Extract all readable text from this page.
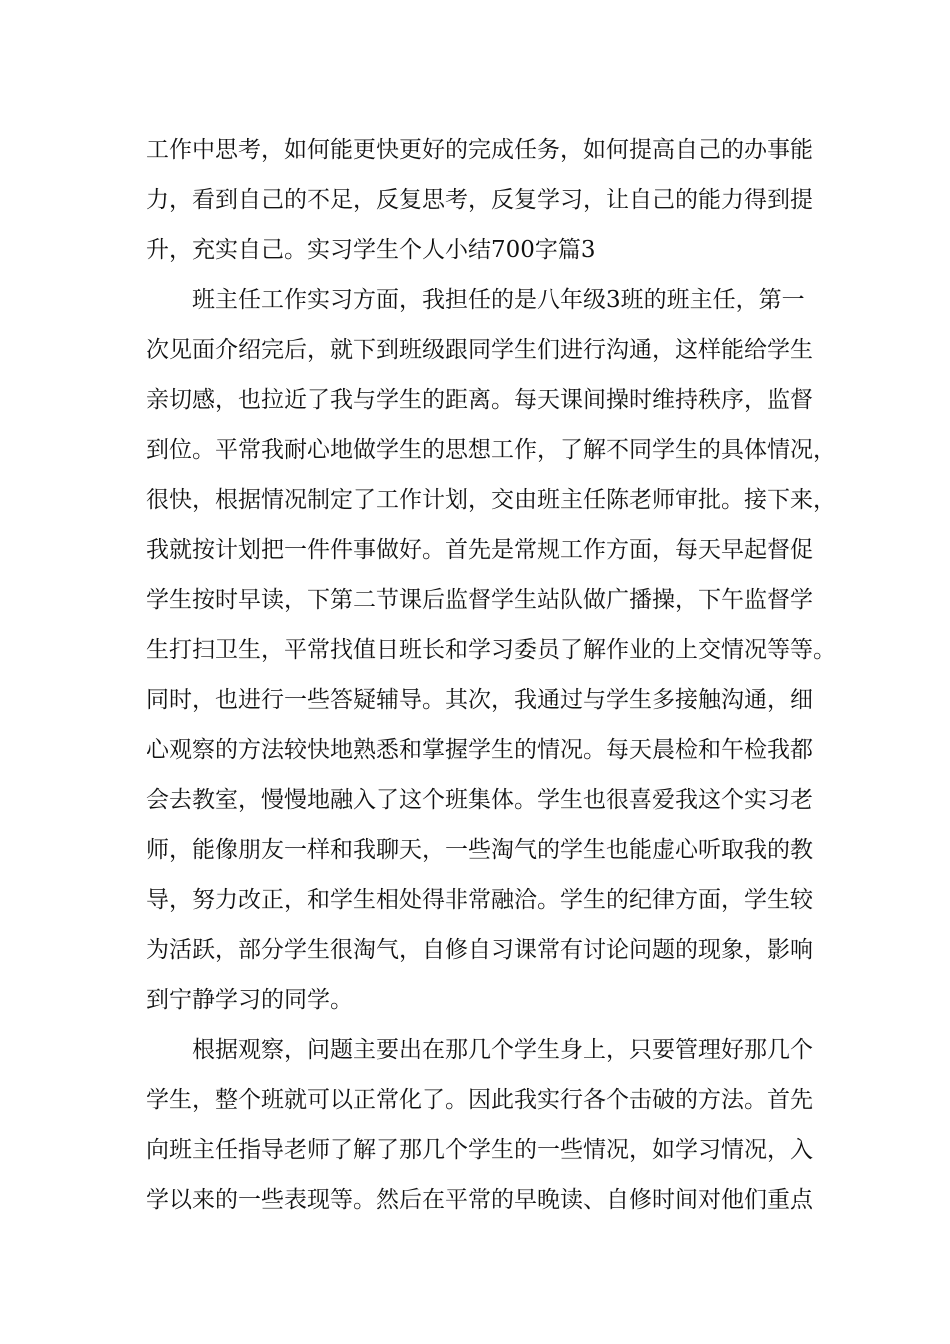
工作中思考，如何能更快更好的完成任务，如何提高自己的办事能
力，看到自己的不足，反复思考，反复学习，让自己的能力得到提
升，充实自己。实习学生个人小结700字篇3
班主任工作实习方面，我担任的是八年级3班的班主任，第一
次见面介绍完后，就下到班级跟同学生们进行沟通，这样能给学生
亲切感，也拉近了我与学生的距离。每天课间操时维持秩序，监督
到位。平常我耐心地做学生的思想工作，了解不同学生的具体情况，
很快，根据情况制定了工作计划，交由班主任陈老师审批。接下来，
我就按计划把一件件事做好。首先是常规工作方面，每天早起督促
学生按时早读，下第二节课后监督学生站队做广播操，下午监督学
生打扫卫生，平常找值日班长和学习委员了解作业的上交情况等等。
同时，也进行一些答疑辅导。其次，我通过与学生多接触沟通，细
心观察的方法较快地熟悉和掌握学生的情况。每天晨检和午检我都
会去教室，慢慢地融入了这个班集体。学生也很喜爱我这个实习老
师，能像朋友一样和我聊天，一些淘气的学生也能虚心听取我的教
导，努力改正，和学生相处得非常融洽。学生的纪律方面，学生较
为活跃，部分学生很淘气，自修自习课常有讨论问题的现象，影响
到宁静学习的同学。
根据观察，问题主要出在那几个学生身上，只要管理好那几个
学生，整个班就可以正常化了。因此我实行各个击破的方法。首先
向班主任指导老师了解了那几个学生的一些情况，如学习情况，入
学以来的一些表现等。然后在平常的早晚读、自修时间对他们重点
